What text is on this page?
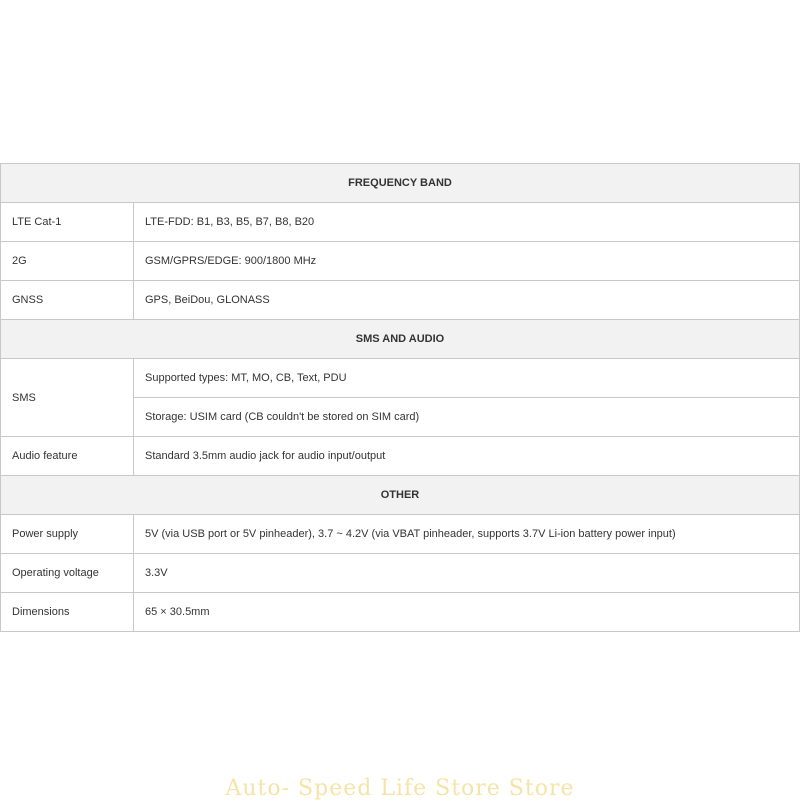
FREQUENCY BAND	
LTE Cat-1	LTE-FDD: B1, B3, B5, B7, B8, B20
2G	GSM/GPRS/EDGE: 900/1800 MHz
GNSS	GPS, BeiDou, GLONASS
SMS AND AUDIO	
SMS	Supported types: MT, MO, CB, Text, PDU
	Storage: USIM card (CB couldn't be stored on SIM card)
Audio feature	Standard 3.5mm audio jack for audio input/output
OTHER	
Power supply	5V (via USB port or 5V pinheader), 3.7 ~ 4.2V (via VBAT pinheader, supports 3.7V Li-ion battery power input)
Operating voltage	3.3V
Dimensions	65 × 30.5mm
Auto- Speed Life Store Store
